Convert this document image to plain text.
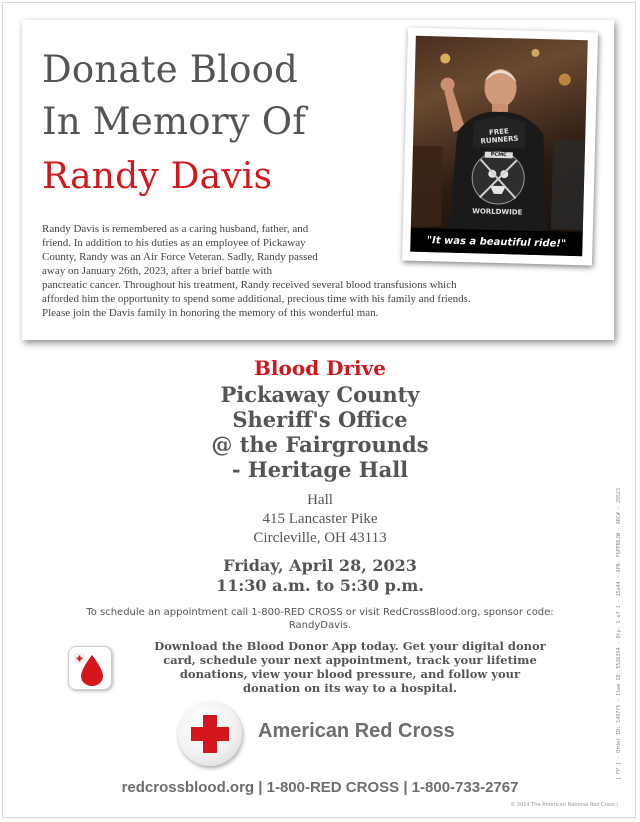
Donate Blood
In Memory Of
Randy Davis
FREE RUNNERS
PCMC
WORLDWIDE
"It was a beautiful ride!"
Randy Davis is remembered as a caring husband, father, and
friend. In addition to his duties as an employee of Pickaway
County, Randy was an Air Force Veteran. Sadly, Randy passed
away on January 26th, 2023, after a brief battle with
pancreatic cancer. Throughout his treatment, Randy received several blood transfusions which
afforded him the opportunity to spend some additional, precious time with his family and friends.
Please join the Davis family in honoring the memory of this wonderful man.
Blood Drive
Pickaway County
Sheriff's Office
@ the Fairgrounds
- Heritage Hall
Hall
415 Lancaster Pike
Circleville, OH 43113
Friday, April 28, 2023
11:30 a.m. to 5:30 p.m.
To schedule an appointment call 1-800-RED CROSS or visit RedCrossBlood.org, sponsor code:
RandyDavis.
Download the Blood Donor App today. Get your digital donor
card, schedule your next appointment, track your lifetime
donations, view your blood pressure, and follow your
donation on its way to a hospital.
American Red Cross
redcrossblood.org | 1-800-RED CROSS | 1-800-733-2767
© 2014 The American National Red Cross |
[ FP ] - Order ID: 1497f5 - Item ID: 5526354 - Qty: 1 of 1 - 15x44 - APD: FGPPB6JW - ARC# - 29523
